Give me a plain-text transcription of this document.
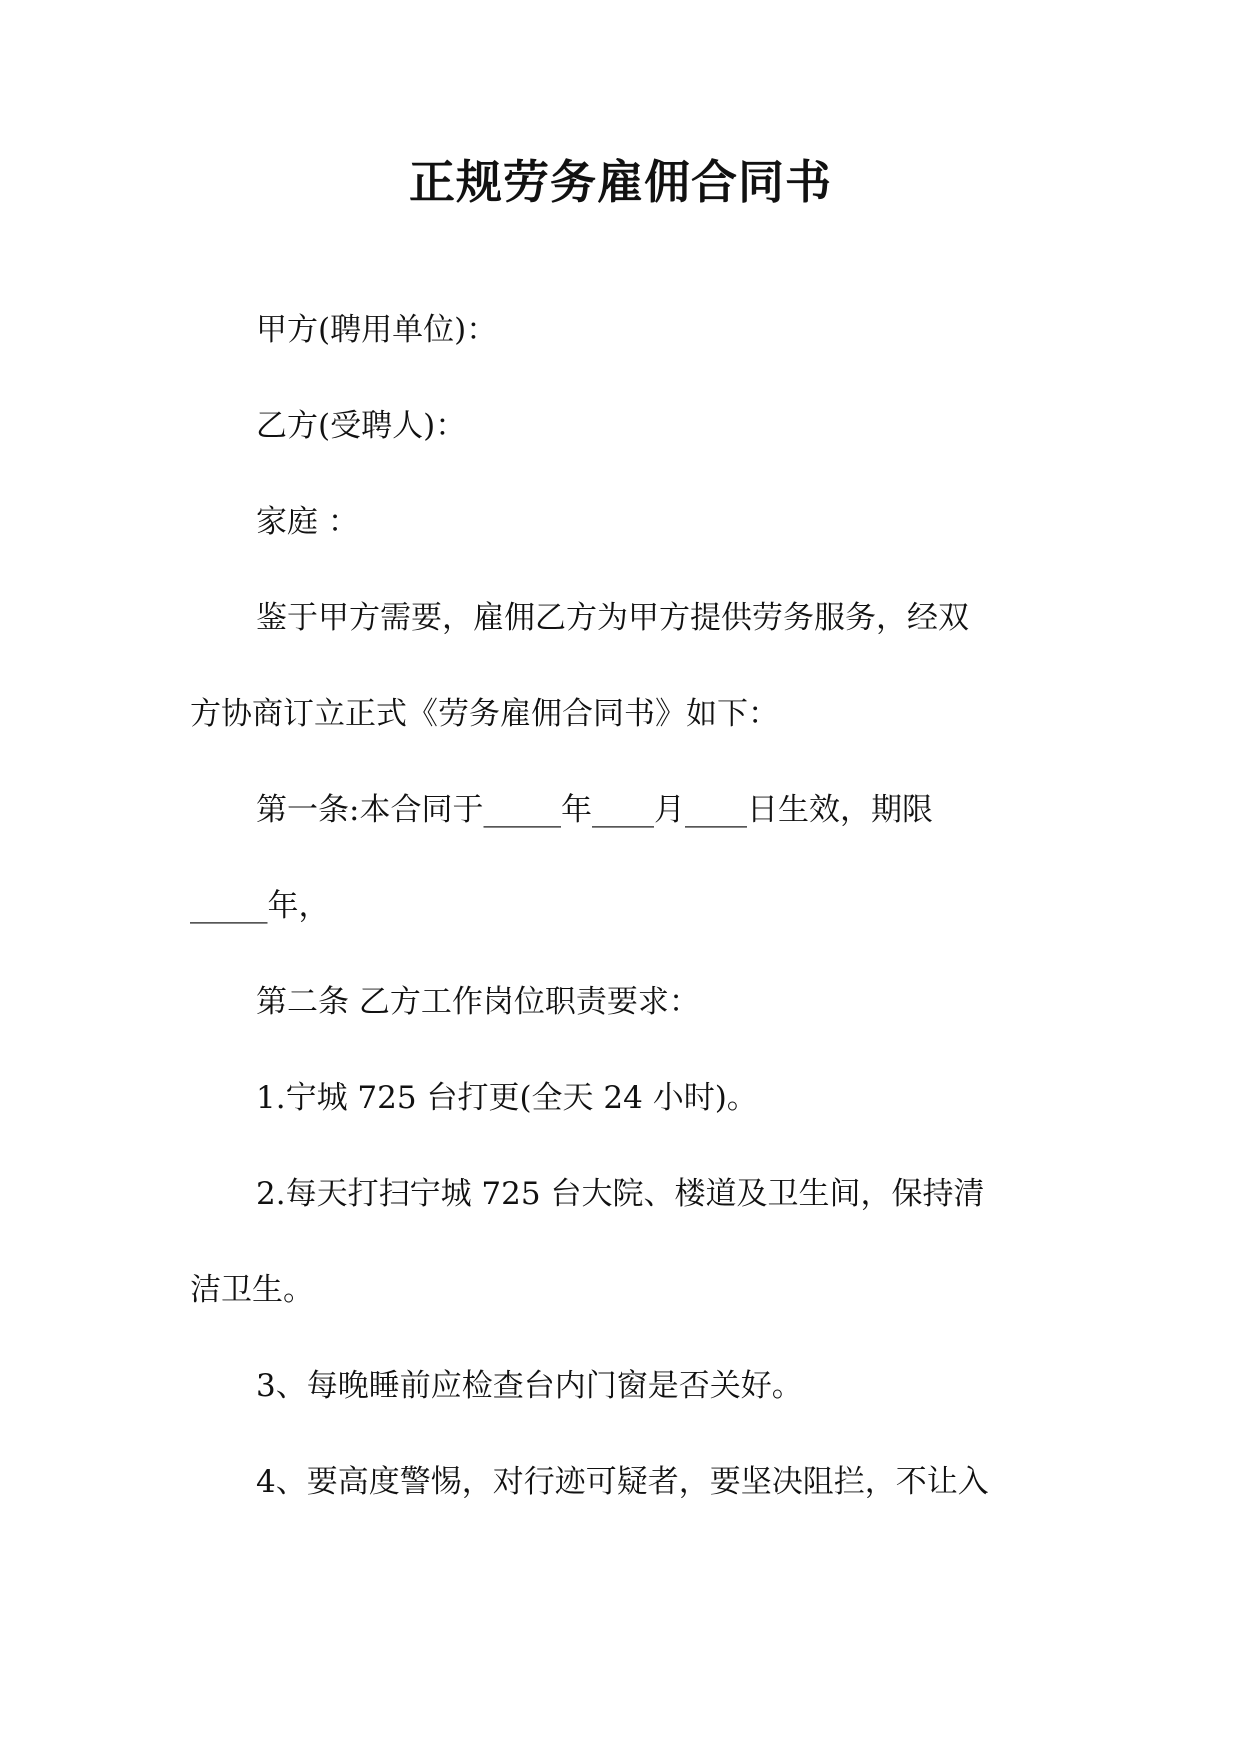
正规劳务雇佣合同书
甲方(聘用单位)：
乙方(受聘人)：
家庭 ：
鉴于甲方需要，雇佣乙方为甲方提供劳务服务，经双
方协商订立正式《劳务雇佣合同书》如下：
第一条:本合同于_____年____月____日生效，期限
_____年，
第二条 乙方工作岗位职责要求：
1.宁城 725 台打更(全天 24 小时)。
2.每天打扫宁城 725 台大院、楼道及卫生间，保持清
洁卫生。
3、每晚睡前应检查台内门窗是否关好。
4、要高度警惕，对行迹可疑者，要坚决阻拦，不让入
